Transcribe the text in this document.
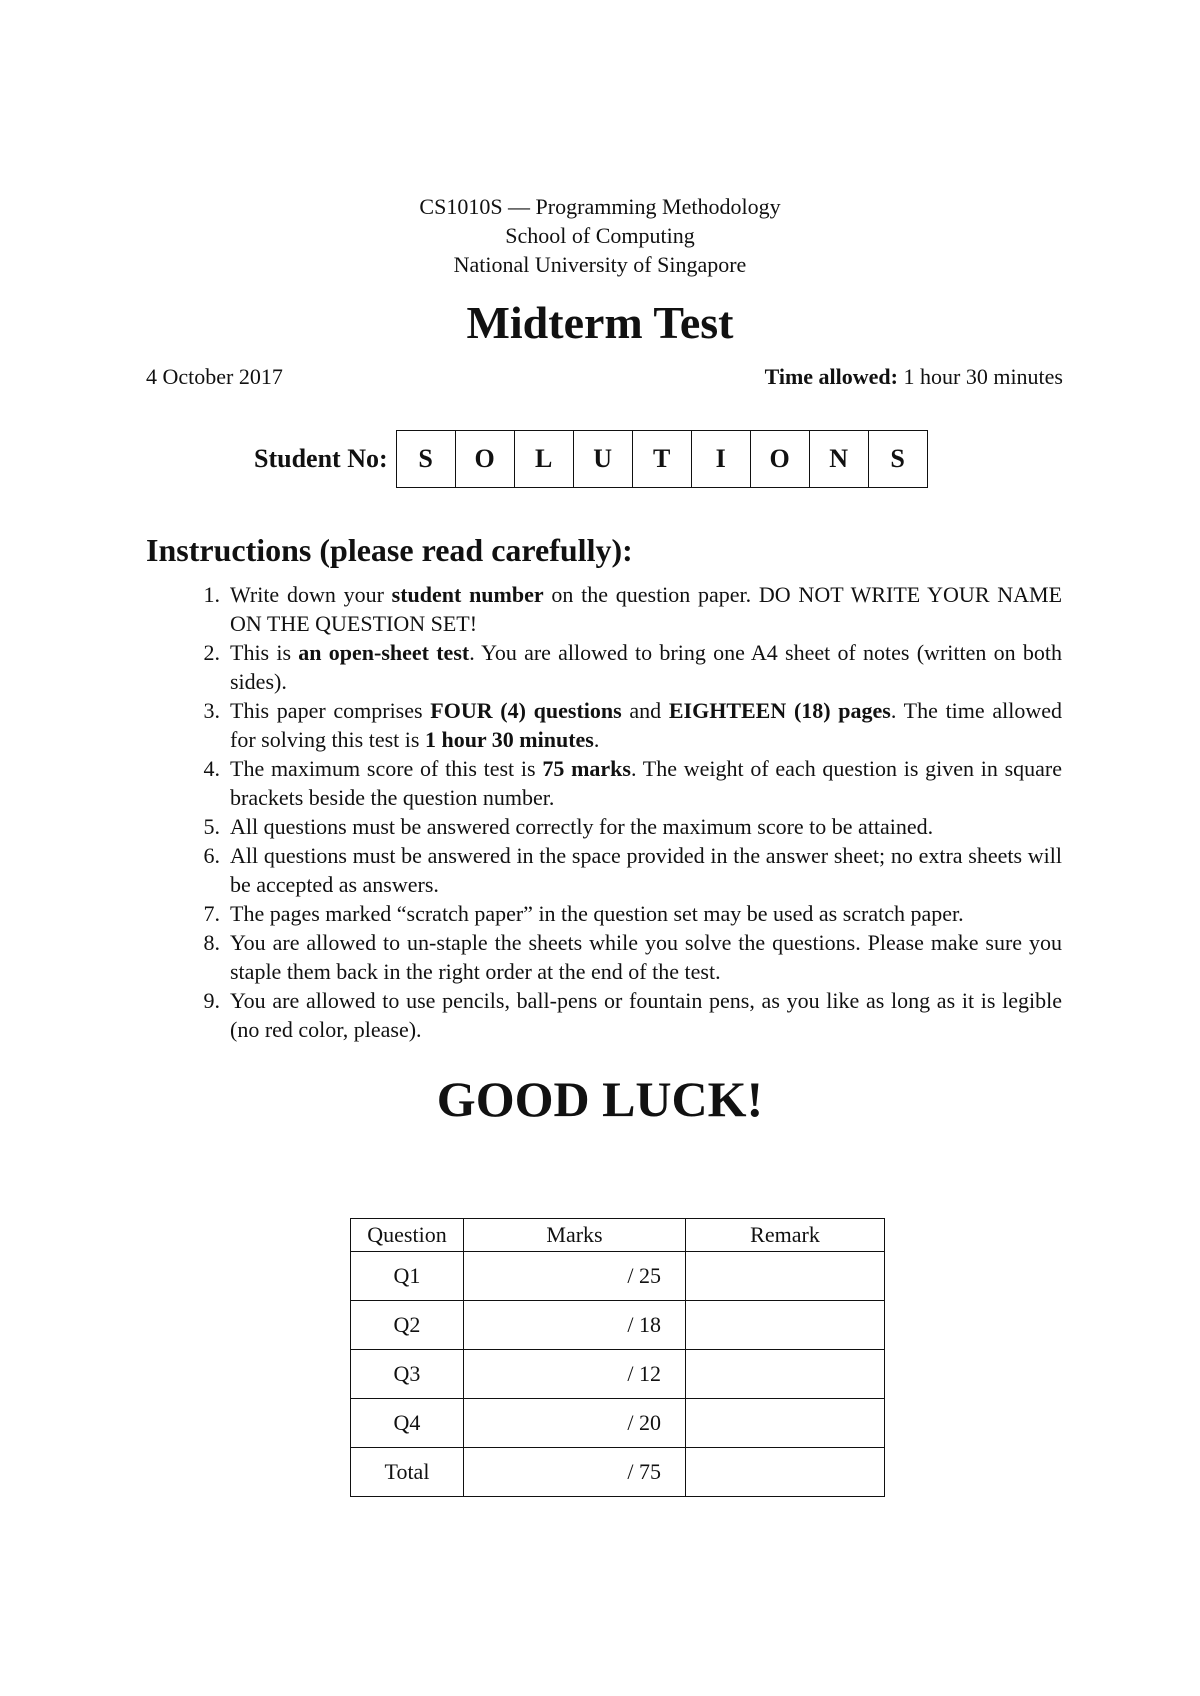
CS1010S — Programming Methodology
School of Computing
National University of Singapore
Midterm Test
4 October 2017	Time allowed: 1 hour 30 minutes
Student No:	S	O	L	U	T	I	O	N	S
Instructions (please read carefully):
1. Write down your student number on the question paper. DO NOT WRITE YOUR NAME ON THE QUESTION SET!
2. This is an open-sheet test. You are allowed to bring one A4 sheet of notes (written on both sides).
3. This paper comprises FOUR (4) questions and EIGHTEEN (18) pages. The time allowed for solving this test is 1 hour 30 minutes.
4. The maximum score of this test is 75 marks. The weight of each question is given in square brackets beside the question number.
5. All questions must be answered correctly for the maximum score to be attained.
6. All questions must be answered in the space provided in the answer sheet; no extra sheets will be accepted as answers.
7. The pages marked “scratch paper” in the question set may be used as scratch paper.
8. You are allowed to un-staple the sheets while you solve the questions. Please make sure you staple them back in the right order at the end of the test.
9. You are allowed to use pencils, ball-pens or fountain pens, as you like as long as it is legible (no red color, please).
GOOD LUCK!
Question	Marks	Remark
Q1	/ 25	
Q2	/ 18	
Q3	/ 12	
Q4	/ 20	
Total	/ 75	
